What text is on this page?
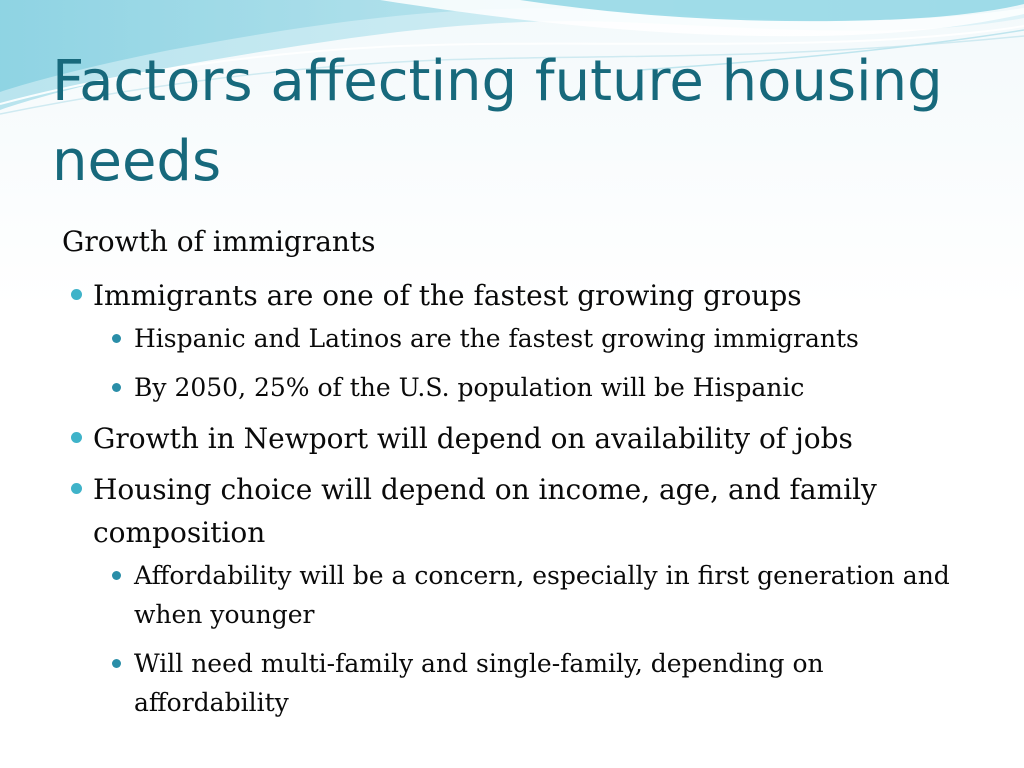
Factors affecting future housing needs

Growth of immigrants

Immigrants are one of the fastest growing groups
Hispanic and Latinos are the fastest growing immigrants
By 2050, 25% of the U.S. population will be Hispanic
Growth in Newport will depend on availability of jobs
Housing choice will depend on income, age, and family composition
Affordability will be a concern, especially in first generation and when younger
Will need multi-family and single-family, depending on affordability
